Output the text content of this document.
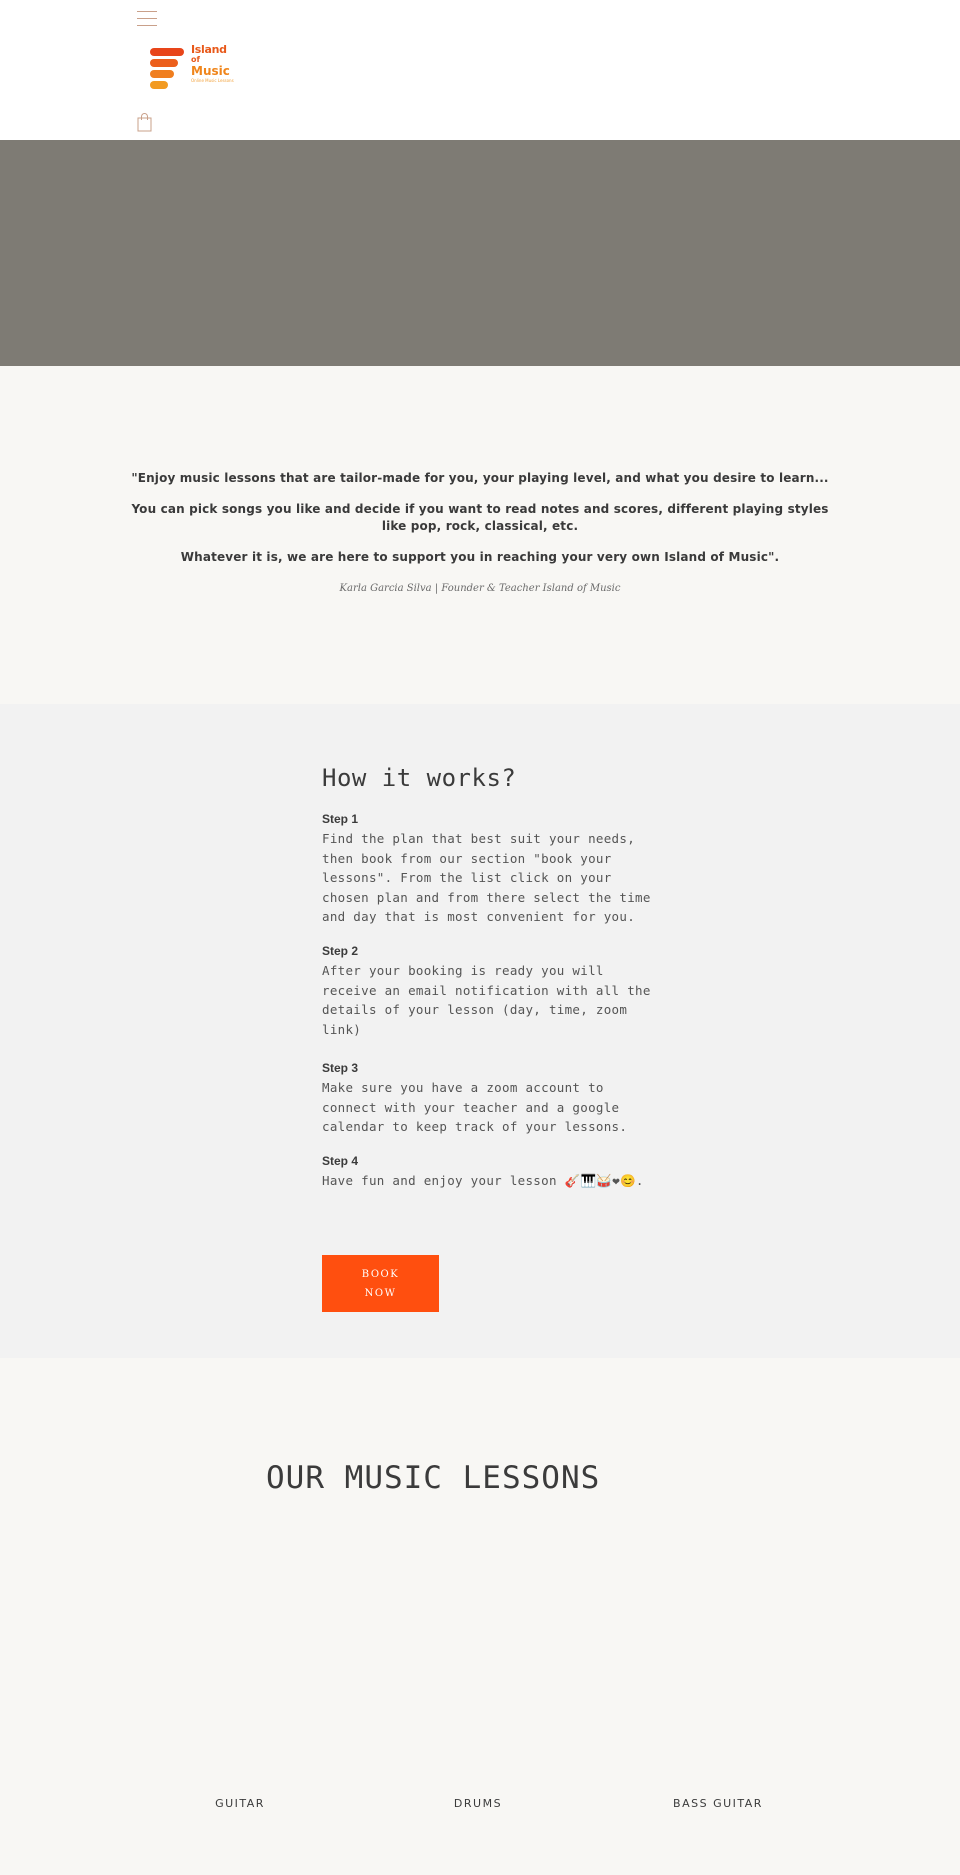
Island
of
Music
Online Music Lessons

"Enjoy music lessons that are tailor-made for you, your playing level, and what you desire to learn...

You can pick songs you like and decide if you want to read notes and scores, different playing styles like pop, rock, classical, etc.

Whatever it is, we are here to support you in reaching your very own Island of Music".

Karla Garcia Silva | Founder & Teacher Island of Music

How it works?
Step 1

Find the plan that best suit your needs, then book from our section "book your lessons". From the list click on your chosen plan and from there select the time and day that is most convenient for you.

Step 2

After your booking is ready you will receive an email notification with all the details of your lesson (day, time, zoom link)

Step 3

Make sure you have a zoom account to connect with your teacher and a google calendar to keep track of your lessons.

Step 4

Have fun and enjoy your lesson 🎸🎹🥁❤😊.

BOOK NOW
OUR MUSIC LESSONS

GUITAR	DRUMS	BASS GUITAR
